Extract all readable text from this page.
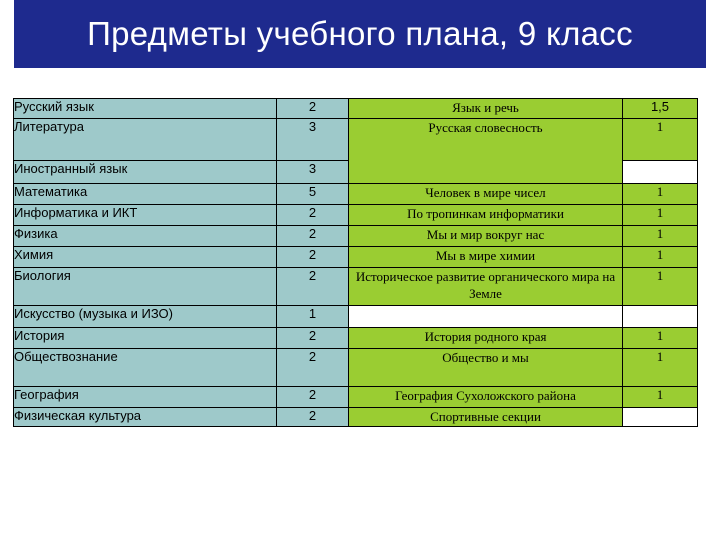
Предметы учебного плана, 9 класс
Русский язык	2	Язык и речь	1,5
Литература	3	Русская словесность	1
Иностранный язык	3		
Математика	5	Человек в мире чисел	1
Информатика и ИКТ	2	По тропинкам информатики	1
Физика	2	Мы и мир вокруг нас	1
Химия	2	Мы в мире химии	1
Биология	2	Историческое развитие органического мира на Земле	1
Искусство (музыка и ИЗО)	1		
История	2	История родного края	1
Обществознание	2	Общество и мы	1
География	2	География Сухоложского района	1
Физическая культура	2	Спортивные секции	
